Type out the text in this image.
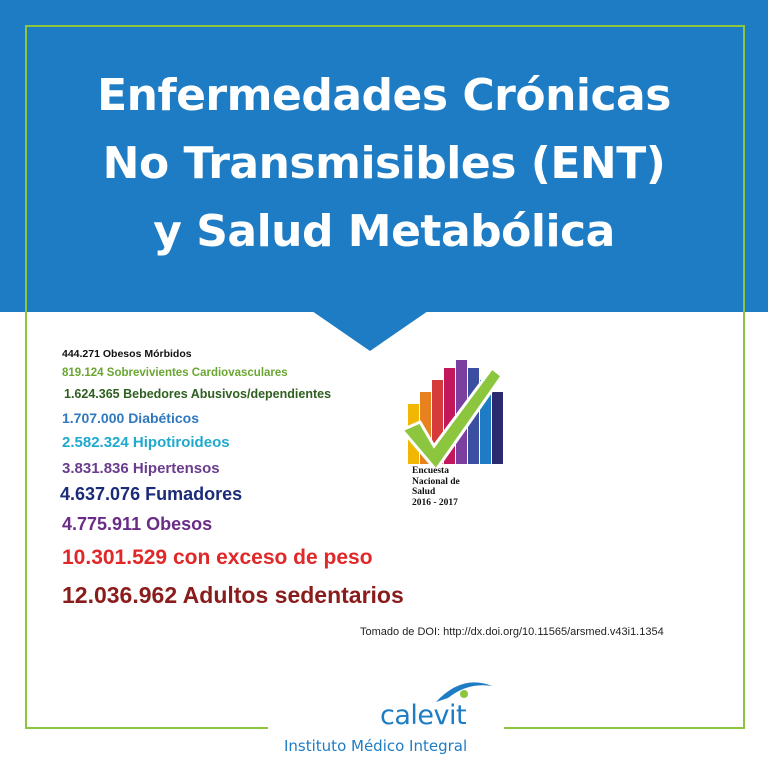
Enfermedades Crónicas
No Transmisibles (ENT)
y Salud Metabólica
444.271 Obesos Mórbidos
819.124 Sobrevivientes Cardiovasculares
1.624.365 Bebedores Abusivos/dependientes
1.707.000 Diabéticos
2.582.324 Hipotiroideos
3.831.836 Hipertensos
4.637.076 Fumadores
4.775.911 Obesos
10.301.529 con exceso de peso
12.036.962 Adultos sedentarios
Encuesta
Nacional de
Salud
2016 - 2017
Tomado de DOI: http://dx.doi.org/10.11565/arsmed.v43i1.1354
calevit
Instituto Médico Integral
